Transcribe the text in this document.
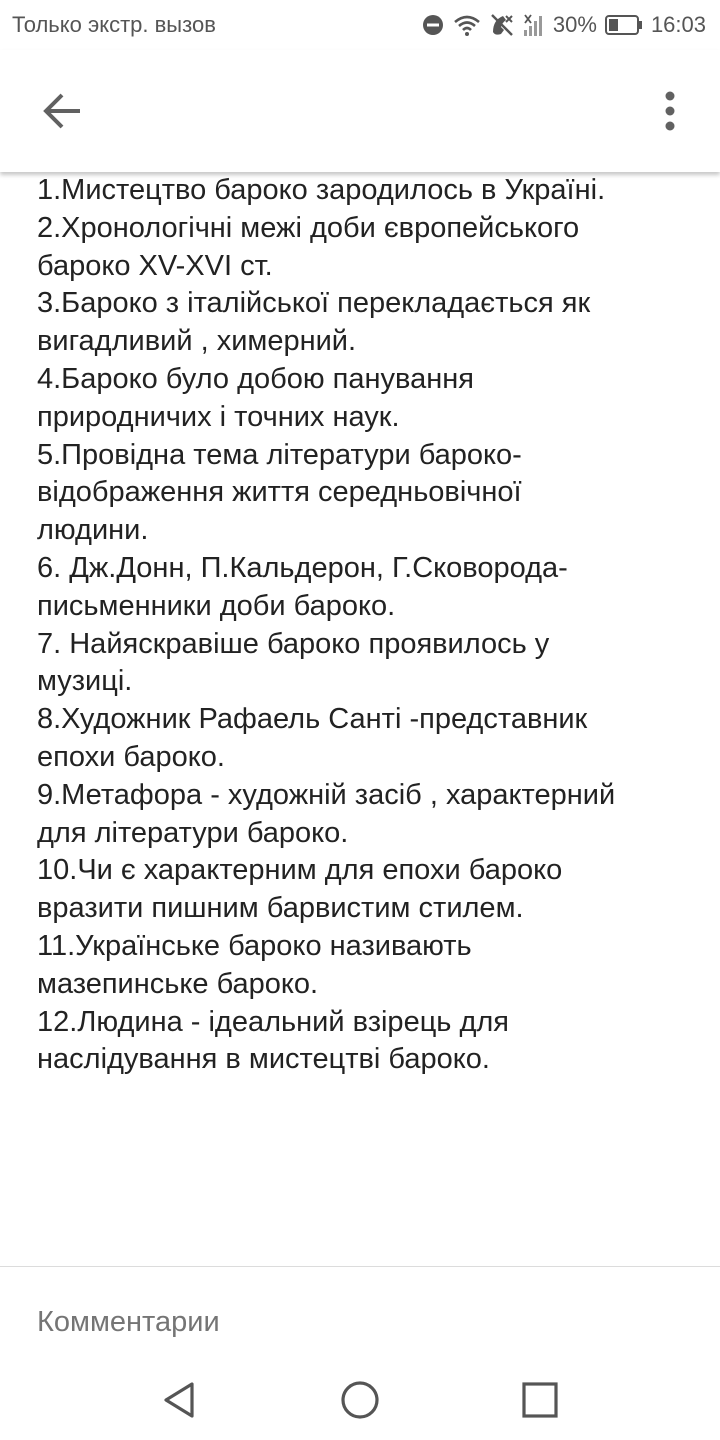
Только экстр. вызов	30% 16:03
1.Мистецтво бароко зародилось в Україні.
2.Хронологічні межі доби європейського
бароко XV-XVI ст.
3.Бароко з італійської перекладається як
вигадливий , химерний.
4.Бароко було добою панування
природничих і точних наук.
5.Провідна тема літератури бароко-
відображення життя середньовічної
людини.
6. Дж.Донн, П.Кальдерон, Г.Сковорода-
письменники доби бароко.
7. Найяскравіше бароко проявилось у
музиці.
8.Художник Рафаель Санті -представник
епохи бароко.
9.Метафора - художній засіб , характерний
для літератури бароко.
10.Чи є характерним для епохи бароко
вразити пишним барвистим стилем.
11.Українське бароко називають
мазепинське бароко.
12.Людина - ідеальний взірець для
наслідування в мистецтві бароко.
Комментарии
